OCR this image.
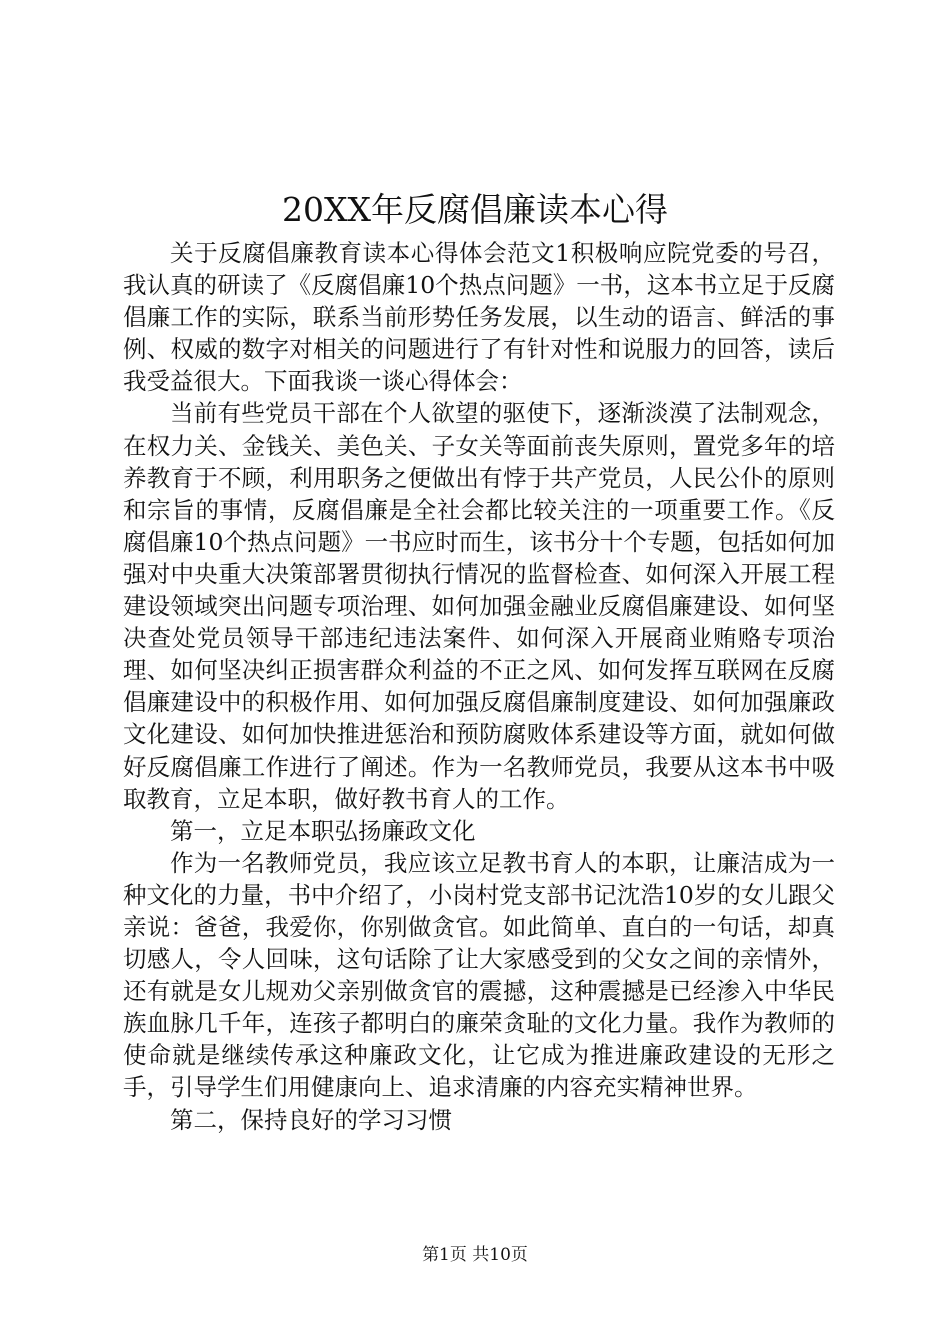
20XX年反腐倡廉读本心得

关于反腐倡廉教育读本心得体会范文1积极响应院党委的号召，我认真的研读了《反腐倡廉10个热点问题》一书，这本书立足于反腐倡廉工作的实际，联系当前形势任务发展，以生动的语言、鲜活的事例、权威的数字对相关的问题进行了有针对性和说服力的回答，读后我受益很大。下面我谈一谈心得体会：

当前有些党员干部在个人欲望的驱使下，逐渐淡漠了法制观念，在权力关、金钱关、美色关、子女关等面前丧失原则，置党多年的培养教育于不顾，利用职务之便做出有悖于共产党员，人民公仆的原则和宗旨的事情，反腐倡廉是全社会都比较关注的一项重要工作。《反腐倡廉10个热点问题》一书应时而生，该书分十个专题，包括如何加强对中央重大决策部署贯彻执行情况的监督检查、如何深入开展工程建设领域突出问题专项治理、如何加强金融业反腐倡廉建设、如何坚决查处党员领导干部违纪违法案件、如何深入开展商业贿赂专项治理、如何坚决纠正损害群众利益的不正之风、如何发挥互联网在反腐倡廉建设中的积极作用、如何加强反腐倡廉制度建设、如何加强廉政文化建设、如何加快推进惩治和预防腐败体系建设等方面，就如何做好反腐倡廉工作进行了阐述。作为一名教师党员，我要从这本书中吸取教育，立足本职，做好教书育人的工作。

第一，立足本职弘扬廉政文化

作为一名教师党员，我应该立足教书育人的本职，让廉洁成为一种文化的力量，书中介绍了，小岗村党支部书记沈浩10岁的女儿跟父亲说：爸爸，我爱你，你别做贪官。如此简单、直白的一句话，却真切感人，令人回味，这句话除了让大家感受到的父女之间的亲情外，还有就是女儿规劝父亲别做贪官的震撼，这种震撼是已经渗入中华民族血脉几千年，连孩子都明白的廉荣贪耻的文化力量。我作为教师的使命就是继续传承这种廉政文化，让它成为推进廉政建设的无形之手，引导学生们用健康向上、追求清廉的内容充实精神世界。

第二，保持良好的学习习惯

第1页 共10页
